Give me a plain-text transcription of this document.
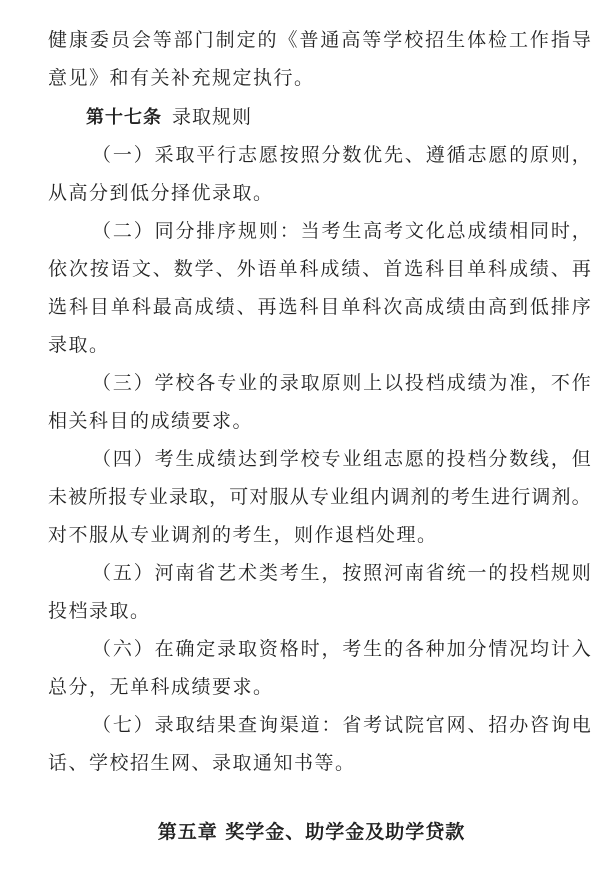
健 康 委 员 会 等 部 门 制 定 的 《 普 通 高 等 学 校 招 生 体 检 工 作 指 导
意见》和有关补充规定执行。
第十七条 录取规则
（ 一 ） 采 取 平 行 志 愿 按 照 分 数 优 先 、 遵 循 志 愿 的 原 则 ，
从高分到低分择优录取。
（ 二 ） 同 分 排 序 规 则 ： 当 考 生 高 考 文 化 总 成 绩 相 同 时 ，
依 次 按 语 文 、 数 学 、 外 语 单 科 成 绩 、 首 选 科 目 单 科 成 绩 、 再
选 科 目 单 科 最 高 成 绩 、 再 选 科 目 单 科 次 高 成 绩 由 高 到 低 排 序
录取。
（ 三 ） 学 校 各 专 业 的 录 取 原 则 上 以 投 档 成 绩 为 准 ， 不 作
相关科目的成绩要求。
（ 四 ） 考 生 成 绩 达 到 学 校 专 业 组 志 愿 的 投 档 分 数 线 ， 但
未 被 所 报 专 业 录 取 ， 可 对 服 从 专 业 组 内 调 剂 的 考 生 进 行 调 剂 。
对不服从专业调剂的考生，则作退档处理。
（ 五 ） 河 南 省 艺 术 类 考 生 ， 按 照 河 南 省 统 一 的 投 档 规 则
投档录取。
（ 六 ） 在 确 定 录 取 资 格 时 ， 考 生 的 各 种 加 分 情 况 均 计 入
总分，无单科成绩要求。
（ 七 ） 录 取 结 果 查 询 渠 道 ： 省 考 试 院 官 网 、 招 办 咨 询 电
话、学校招生网、录取通知书等。
第五章 奖学金、助学金及助学贷款
